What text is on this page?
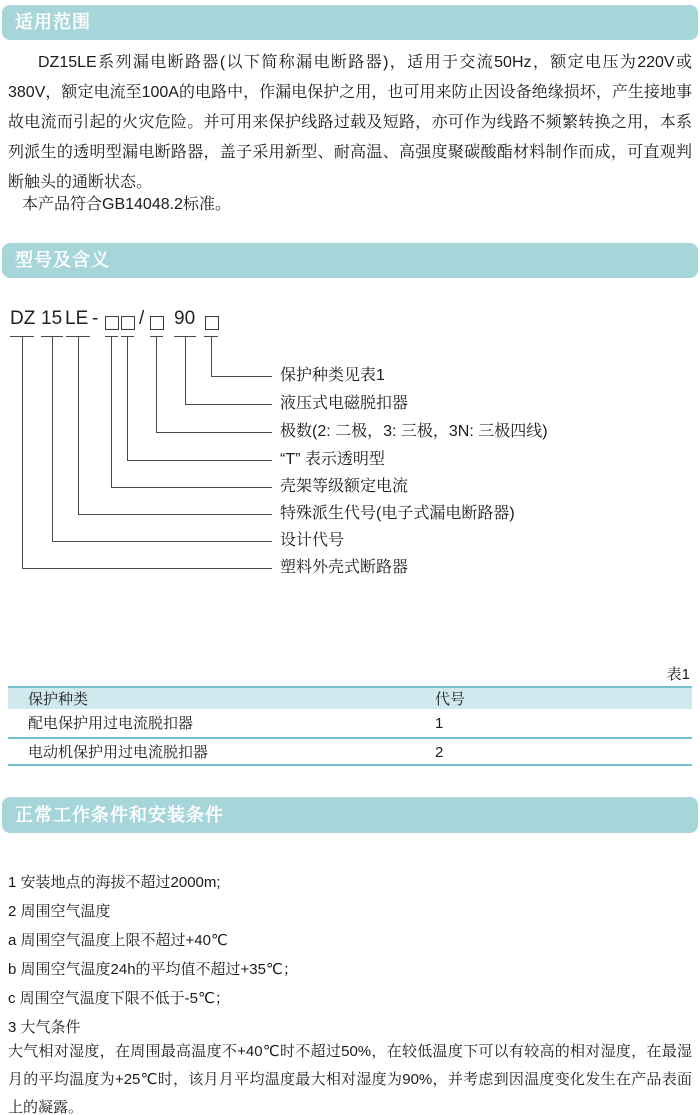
适用范围
DZ15LE系列漏电断路器(以下简称漏电断路器)，适用于交流50Hz，额定电压为220V或380V，额定电流至100A的电路中，作漏电保护之用，也可用来防止因设备绝缘损坏，产生接地事故电流而引起的火灾危险。并可用来保护线路过载及短路，亦可作为线路不频繁转换之用，本系列派生的透明型漏电断路器，盖子采用新型、耐高温、高强度聚碳酸酯材料制作而成，可直观判断触头的通断状态。
本产品符合GB14048.2标准。
型号及含义
DZ 15 LE - / 90
保护种类见表1
液压式电磁脱扣器
极数(2: 二极，3: 三极，3N: 三极四线)
“T” 表示透明型
壳架等级额定电流
特殊派生代号(电子式漏电断路器)
设计代号
塑料外壳式断路器
表1
保护种类	代号
配电保护用过电流脱扣器	1
电动机保护用过电流脱扣器	2
正常工作条件和安装条件
1 安装地点的海拔不超过2000m;
2 周围空气温度
a 周围空气温度上限不超过+40℃
b 周围空气温度24h的平均值不超过+35℃；
c 周围空气温度下限不低于-5℃；
3 大气条件
大气相对湿度，在周围最高温度不+40℃时不超过50%，在较低温度下可以有较高的相对湿度，在最湿月的平均温度为+25℃时，该月月平均温度最大相对湿度为90%，并考虑到因温度变化发生在产品表面上的凝露。
